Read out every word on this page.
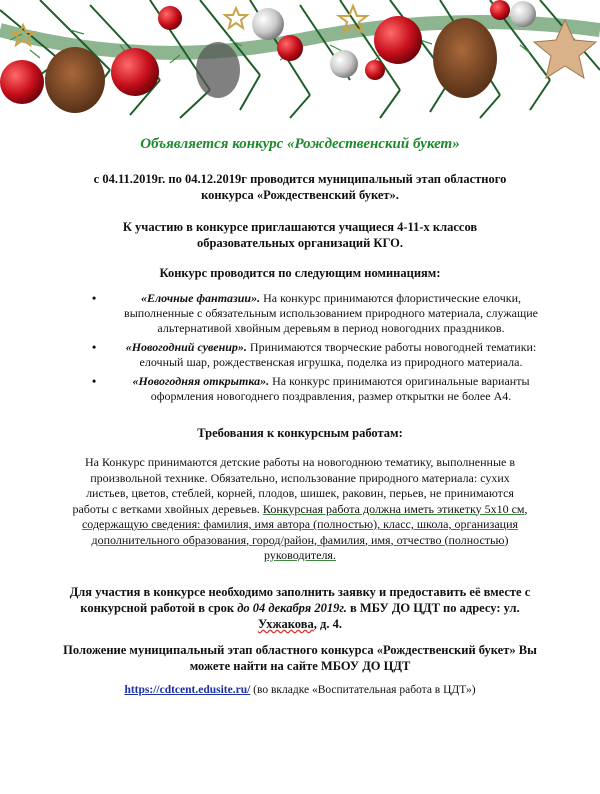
Объявляется конкурс «Рождественский букет»

с 04.11.2019г. по 04.12.2019г проводится муниципальный этап областного конкурса «Рождественский букет».

К участию в конкурсе приглашаются учащиеся 4-11-х классов образовательных организаций КГО.

Конкурс проводится по следующим номинациям:

•	«Елочные фантазии». На конкурс принимаются флористические елочки, выполненные с обязательным использованием природного материала, служащие альтернативой хвойным деревьям в период новогодних праздников.
• «Новогодний сувенир». Принимаются творческие работы новогодней тематики: елочный шар, рождественская игрушка, поделка из природного материала.
•	«Новогодняя открытка». На конкурс принимаются оригинальные варианты оформления новогоднего поздравления, размер открытки не более А4.
Требования к конкурсным работам:
На Конкурс принимаются детские работы на новогоднюю тематику, выполненные в произвольной технике. Обязательно, использование природного материала: сухих листьев, цветов, стеблей, корней, плодов, шишек, раковин, перьев, не принимаются работы с ветками хвойных деревьев. Конкурсная работа должна иметь этикетку 5х10 см, содержащую сведения: фамилия, имя автора (полностью), класс, школа, организация дополнительного образования, город/район, фамилия, имя, отчество (полностью) руководителя.
Для участия в конкурсе необходимо заполнить заявку и предоставить её вместе с конкурсной работой в срок до 04 декабря 2019г. в МБУ ДО ЦДТ по адресу: ул. Ухжакова, д. 4.
Положение муниципальный этап областного конкурса «Рождественский букет» Вы можете найти на сайте МБОУ ДО ЦДТ
https://cdtcent.edusite.ru/ (во вкладке «Воспитательная работа в ЦДТ»)
